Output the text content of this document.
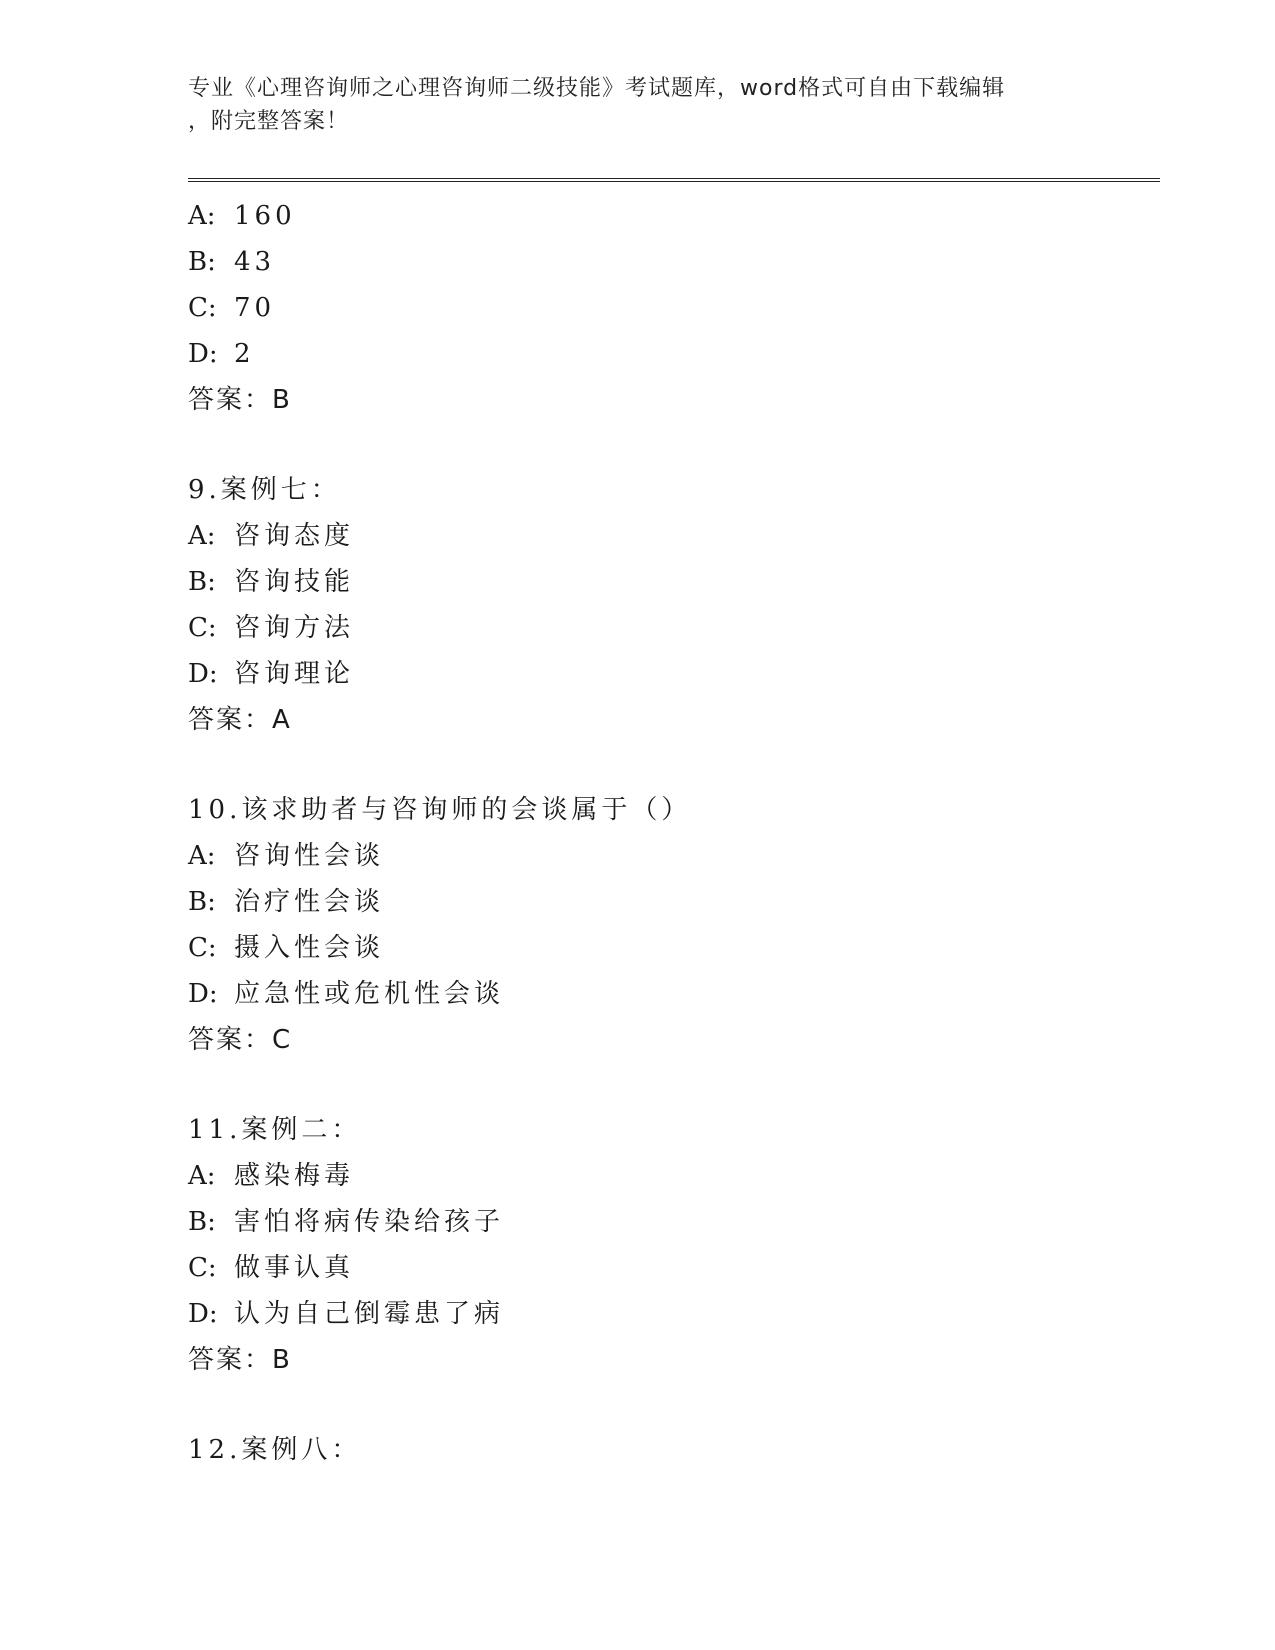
专业《心理咨询师之心理咨询师二级技能》考试题库，word格式可自由下载编辑
，附完整答案！
A: 160
B: 43
C: 70
D: 2
答案：B
9.案例七：
A: 咨询态度
B: 咨询技能
C: 咨询方法
D: 咨询理论
答案：A
10.该求助者与咨询师的会谈属于（）
A: 咨询性会谈
B: 治疗性会谈
C: 摄入性会谈
D: 应急性或危机性会谈
答案：C
11.案例二：
A: 感染梅毒
B: 害怕将病传染给孩子
C: 做事认真
D: 认为自己倒霉患了病
答案：B
12.案例八：
